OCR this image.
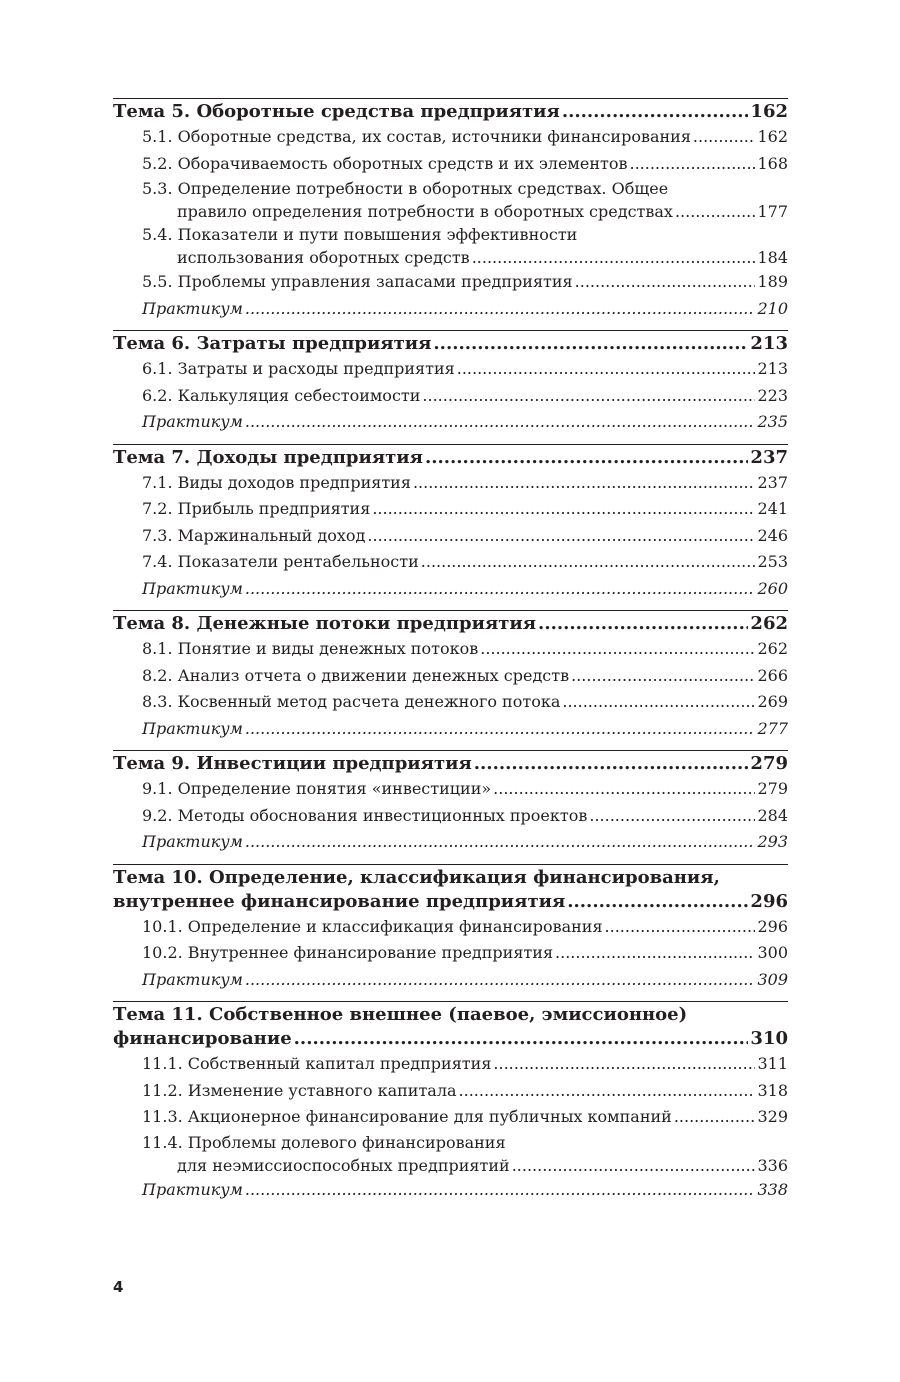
Тема 5. Оборотные средства предприятия .....	162
5.1. Оборотные средства, их состав, источники финансирования .....	162
5.2. Оборачиваемость оборотных средств и их элементов .....	168
5.3. Определение потребности в оборотных средствах. Общее
правило определения потребности в оборотных средствах .....	177
5.4. Показатели и пути повышения эффективности
использования оборотных средств .....	184
5.5. Проблемы управления запасами предприятия .....	189
Практикум .....	210
Тема 6. Затраты предприятия .....	213
6.1. Затраты и расходы предприятия .....	213
6.2. Калькуляция себестоимости .....	223
Практикум .....	235
Тема 7. Доходы предприятия .....	237
7.1. Виды доходов предприятия .....	237
7.2. Прибыль предприятия .....	241
7.3. Маржинальный доход .....	246
7.4. Показатели рентабельности .....	253
Практикум .....	260
Тема 8. Денежные потоки предприятия .....	262
8.1. Понятие и виды денежных потоков .....	262
8.2. Анализ отчета о движении денежных средств .....	266
8.3. Косвенный метод расчета денежного потока .....	269
Практикум .....	277
Тема 9. Инвестиции предприятия .....	279
9.1. Определение понятия «инвестиции» .....	279
9.2. Методы обоснования инвестиционных проектов .....	284
Практикум .....	293
Тема 10. Определение, классификация финансирования,
внутреннее финансирование предприятия .....	296
10.1. Определение и классификация финансирования .....	296
10.2. Внутреннее финансирование предприятия .....	300
Практикум .....	309
Тема 11. Собственное внешнее (паевое, эмиссионное)
финансирование .....	310
11.1. Собственный капитал предприятия .....	311
11.2. Изменение уставного капитала .....	318
11.3. Акционерное финансирование для публичных компаний .....	329
11.4. Проблемы долевого финансирования
для неэмиссиоспособных предприятий .....	336
Практикум .....	338
4
